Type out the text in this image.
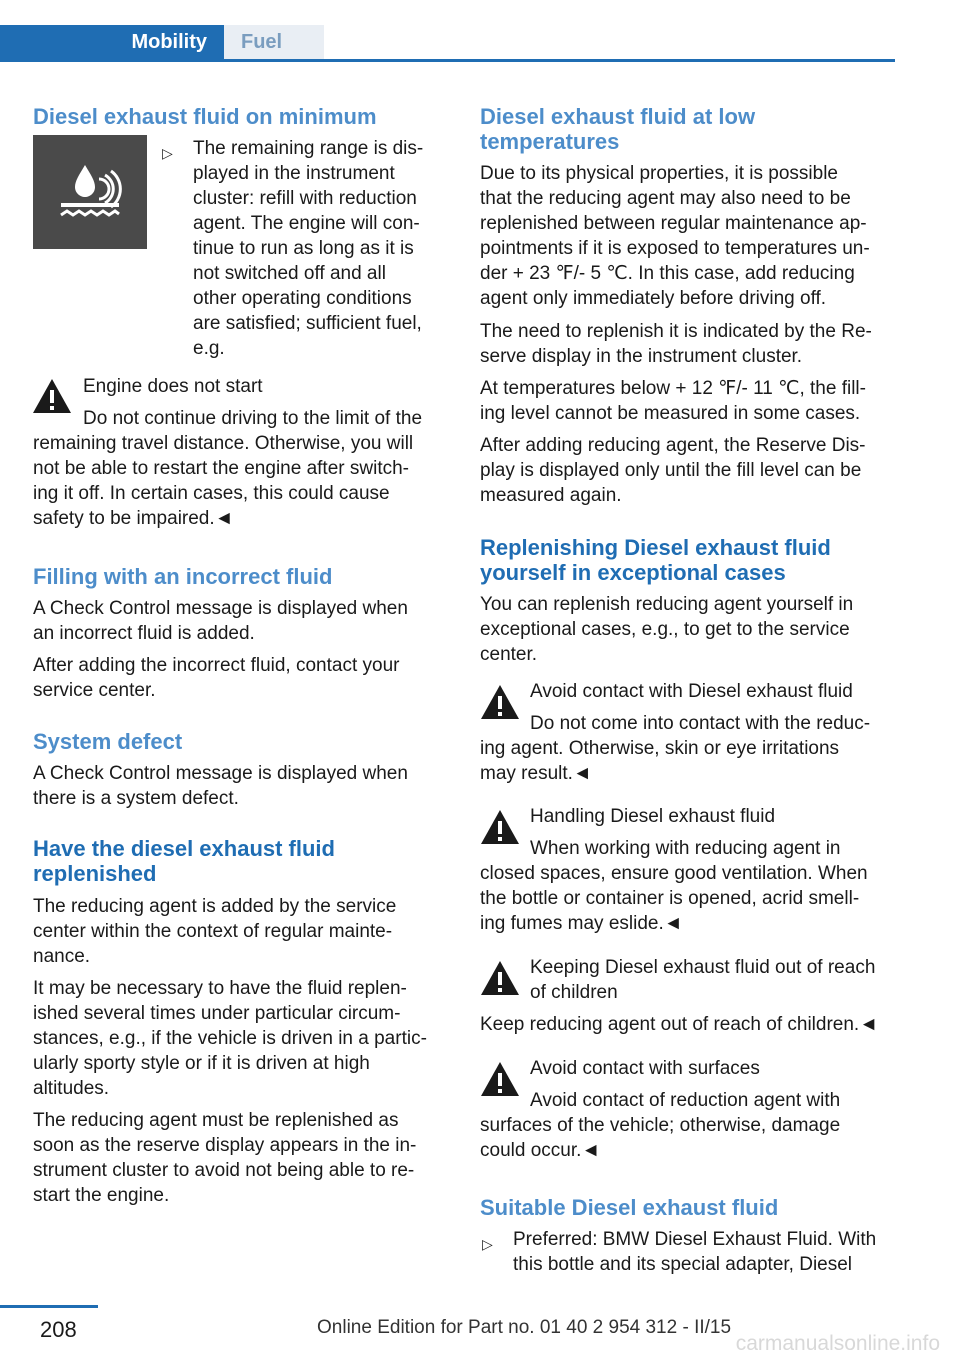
Mobility	Fuel
Diesel exhaust fluid on minimum
▷ The remaining range is dis-
played in the instrument
cluster: refill with reduction
agent. The engine will con-
tinue to run as long as it is
not switched off and all
other operating conditions
are satisfied; sufficient fuel,
e.g.
Engine does not start
Do not continue driving to the limit of the
remaining travel distance. Otherwise, you will
not be able to restart the engine after switch-
ing it off. In certain cases, this could cause
safety to be impaired.◄
Filling with an incorrect fluid
A Check Control message is displayed when
an incorrect fluid is added.
After adding the incorrect fluid, contact your
service center.
System defect
A Check Control message is displayed when
there is a system defect.
Have the diesel exhaust fluid
replenished
The reducing agent is added by the service
center within the context of regular mainte-
nance.
It may be necessary to have the fluid replen-
ished several times under particular circum-
stances, e.g., if the vehicle is driven in a partic-
ularly sporty style or if it is driven at high
altitudes.
The reducing agent must be replenished as
soon as the reserve display appears in the in-
strument cluster to avoid not being able to re-
start the engine.
Diesel exhaust fluid at low
temperatures
Due to its physical properties, it is possible
that the reducing agent may also need to be
replenished between regular maintenance ap-
pointments if it is exposed to temperatures un-
der + 23 ℉/- 5 ℃. In this case, add reducing
agent only immediately before driving off.
The need to replenish it is indicated by the Re-
serve display in the instrument cluster.
At temperatures below + 12 ℉/- 11 ℃, the fill-
ing level cannot be measured in some cases.
After adding reducing agent, the Reserve Dis-
play is displayed only until the fill level can be
measured again.
Replenishing Diesel exhaust fluid
yourself in exceptional cases
You can replenish reducing agent yourself in
exceptional cases, e.g., to get to the service
center.
Avoid contact with Diesel exhaust fluid
Do not come into contact with the reduc-
ing agent. Otherwise, skin or eye irritations
may result.◄
Handling Diesel exhaust fluid
When working with reducing agent in
closed spaces, ensure good ventilation. When
the bottle or container is opened, acrid smell-
ing fumes may eslide.◄
Keeping Diesel exhaust fluid out of reach
of children
Keep reducing agent out of reach of children.◄
Avoid contact with surfaces
Avoid contact of reduction agent with
surfaces of the vehicle; otherwise, damage
could occur.◄
Suitable Diesel exhaust fluid
▷ Preferred: BMW Diesel Exhaust Fluid. With
this bottle and its special adapter, Diesel
208	Online Edition for Part no. 01 40 2 954 312 - II/15
carmanualsonline.info
